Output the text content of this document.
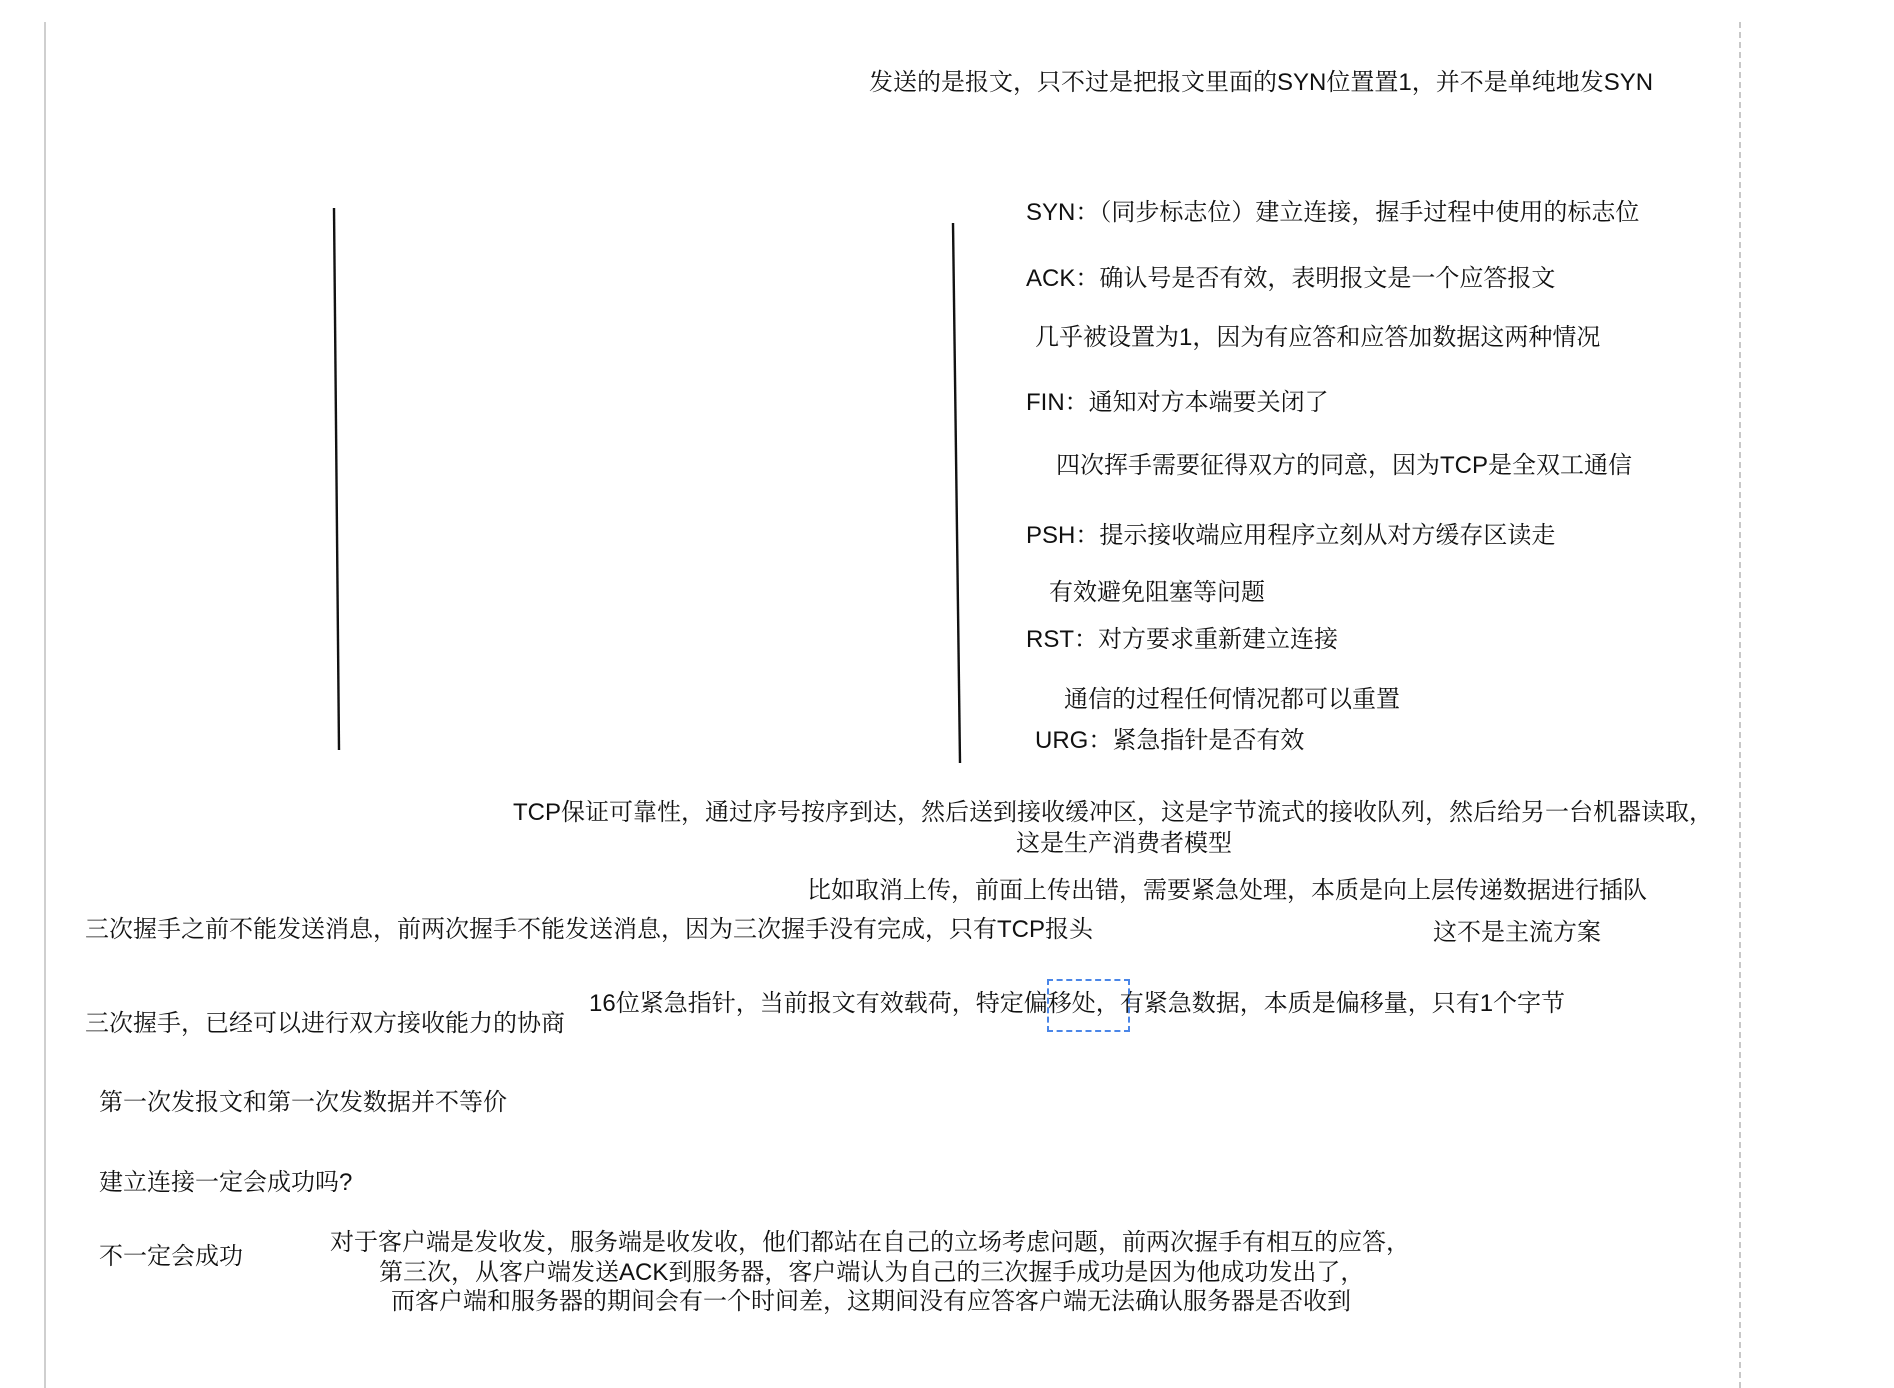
发送的是报文，只不过是把报文里面的SYN位置置1，并不是单纯地发SYN
SYN：（同步标志位）建立连接，握手过程中使用的标志位
ACK：确认号是否有效，表明报文是一个应答报文
几乎被设置为1，因为有应答和应答加数据这两种情况
FIN：通知对方本端要关闭了
四次挥手需要征得双方的同意，因为TCP是全双工通信
PSH：提示接收端应用程序立刻从对方缓存区读走
有效避免阻塞等问题
RST：对方要求重新建立连接
通信的过程任何情况都可以重置
URG：紧急指针是否有效
TCP保证可靠性，通过序号按序到达，然后送到接收缓冲区，这是字节流式的接收队列，然后给另一台机器读取，
这是生产消费者模型
比如取消上传，前面上传出错，需要紧急处理，本质是向上层传递数据进行插队
三次握手之前不能发送消息，前两次握手不能发送消息，因为三次握手没有完成，只有TCP报头	这不是主流方案
16位紧急指针，当前报文有效载荷，特定偏移处，有紧急数据，本质是偏移量，只有1个字节
三次握手，已经可以进行双方接收能力的协商
第一次发报文和第一次发数据并不等价
建立连接一定会成功吗?
不一定会成功
对于客户端是发收发，服务端是收发收，他们都站在自己的立场考虑问题，前两次握手有相互的应答，
第三次，从客户端发送ACK到服务器，客户端认为自己的三次握手成功是因为他成功发出了，
而客户端和服务器的期间会有一个时间差，这期间没有应答客户端无法确认服务器是否收到
